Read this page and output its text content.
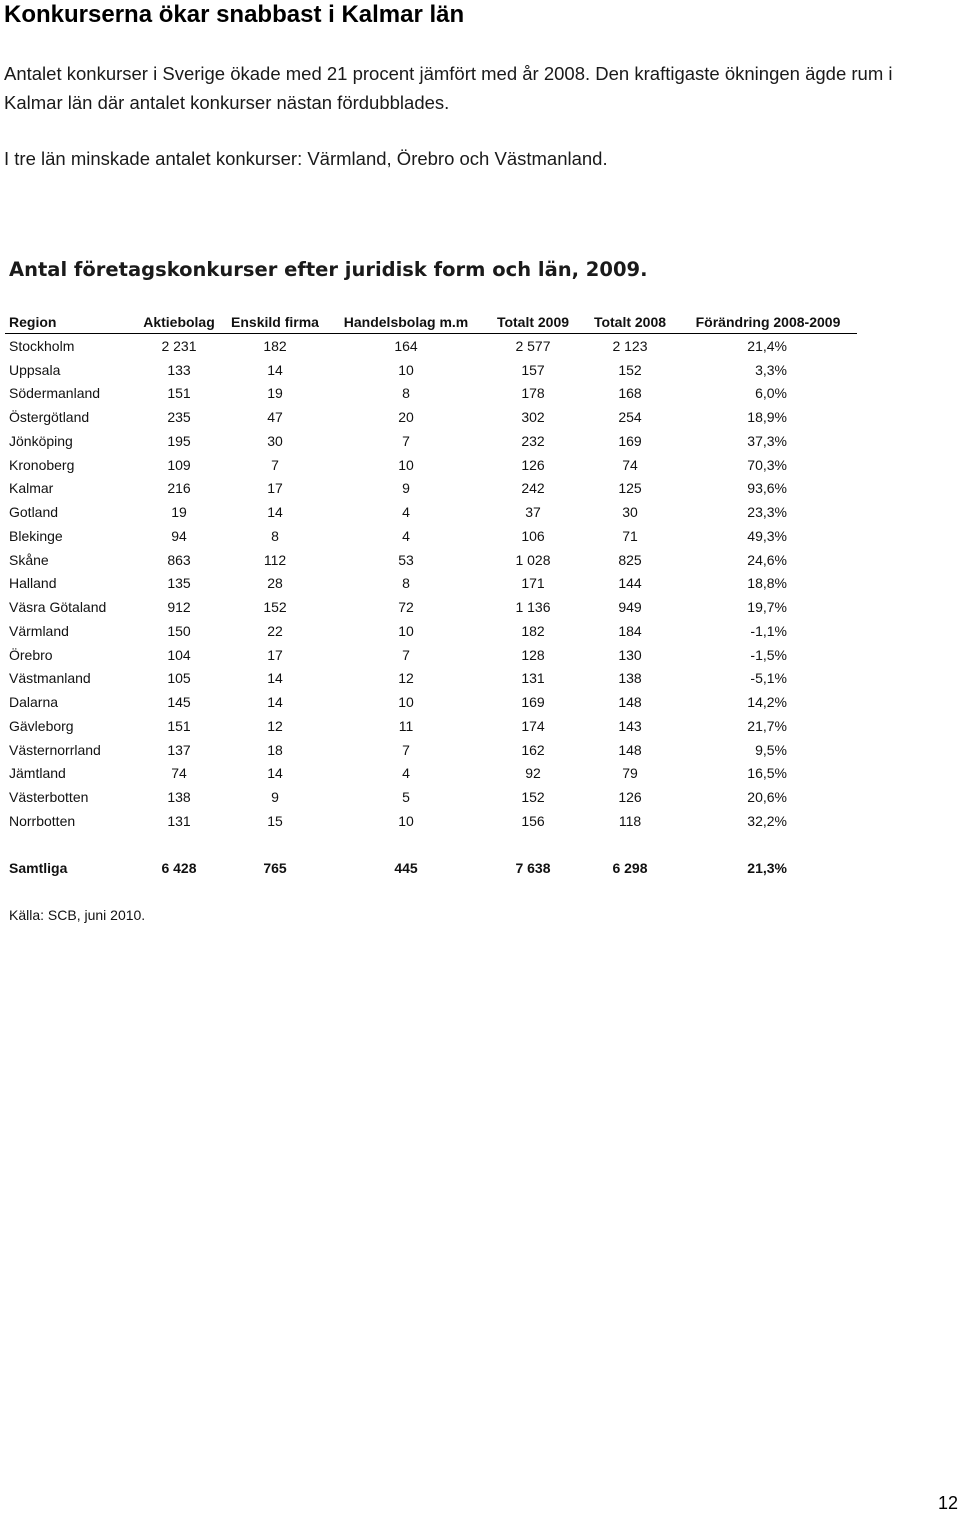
Konkurserna ökar snabbast i Kalmar län

Antalet konkurser i Sverige ökade med 21 procent jämfört med år 2008. Den kraftigaste ökningen ägde rum i Kalmar län där antalet konkurser nästan fördubblades.

I tre län minskade antalet konkurser: Värmland, Örebro och Västmanland.

Antal företagskonkurser efter juridisk form och län, 2009.
Region	Aktiebolag	Enskild firma	Handelsbolag m.m	Totalt 2009	Totalt 2008	Förändring 2008-2009
Stockholm	2 231	182	164	2 577	2 123	21,4%
Uppsala	133	14	10	157	152	3,3%
Södermanland	151	19	8	178	168	6,0%
Östergötland	235	47	20	302	254	18,9%
Jönköping	195	30	7	232	169	37,3%
Kronoberg	109	7	10	126	74	70,3%
Kalmar	216	17	9	242	125	93,6%
Gotland	19	14	4	37	30	23,3%
Blekinge	94	8	4	106	71	49,3%
Skåne	863	112	53	1 028	825	24,6%
Halland	135	28	8	171	144	18,8%
Väsra Götaland	912	152	72	1 136	949	19,7%
Värmland	150	22	10	182	184	-1,1%
Örebro	104	17	7	128	130	-1,5%
Västmanland	105	14	12	131	138	-5,1%
Dalarna	145	14	10	169	148	14,2%
Gävleborg	151	12	11	174	143	21,7%
Västernorrland	137	18	7	162	148	9,5%
Jämtland	74	14	4	92	79	16,5%
Västerbotten	138	9	5	152	126	20,6%
Norrbotten	131	15	10	156	118	32,2%

Samtliga	6 428	765	445	7 638	6 298	21,3%

Källa: SCB, juni 2010.

12
